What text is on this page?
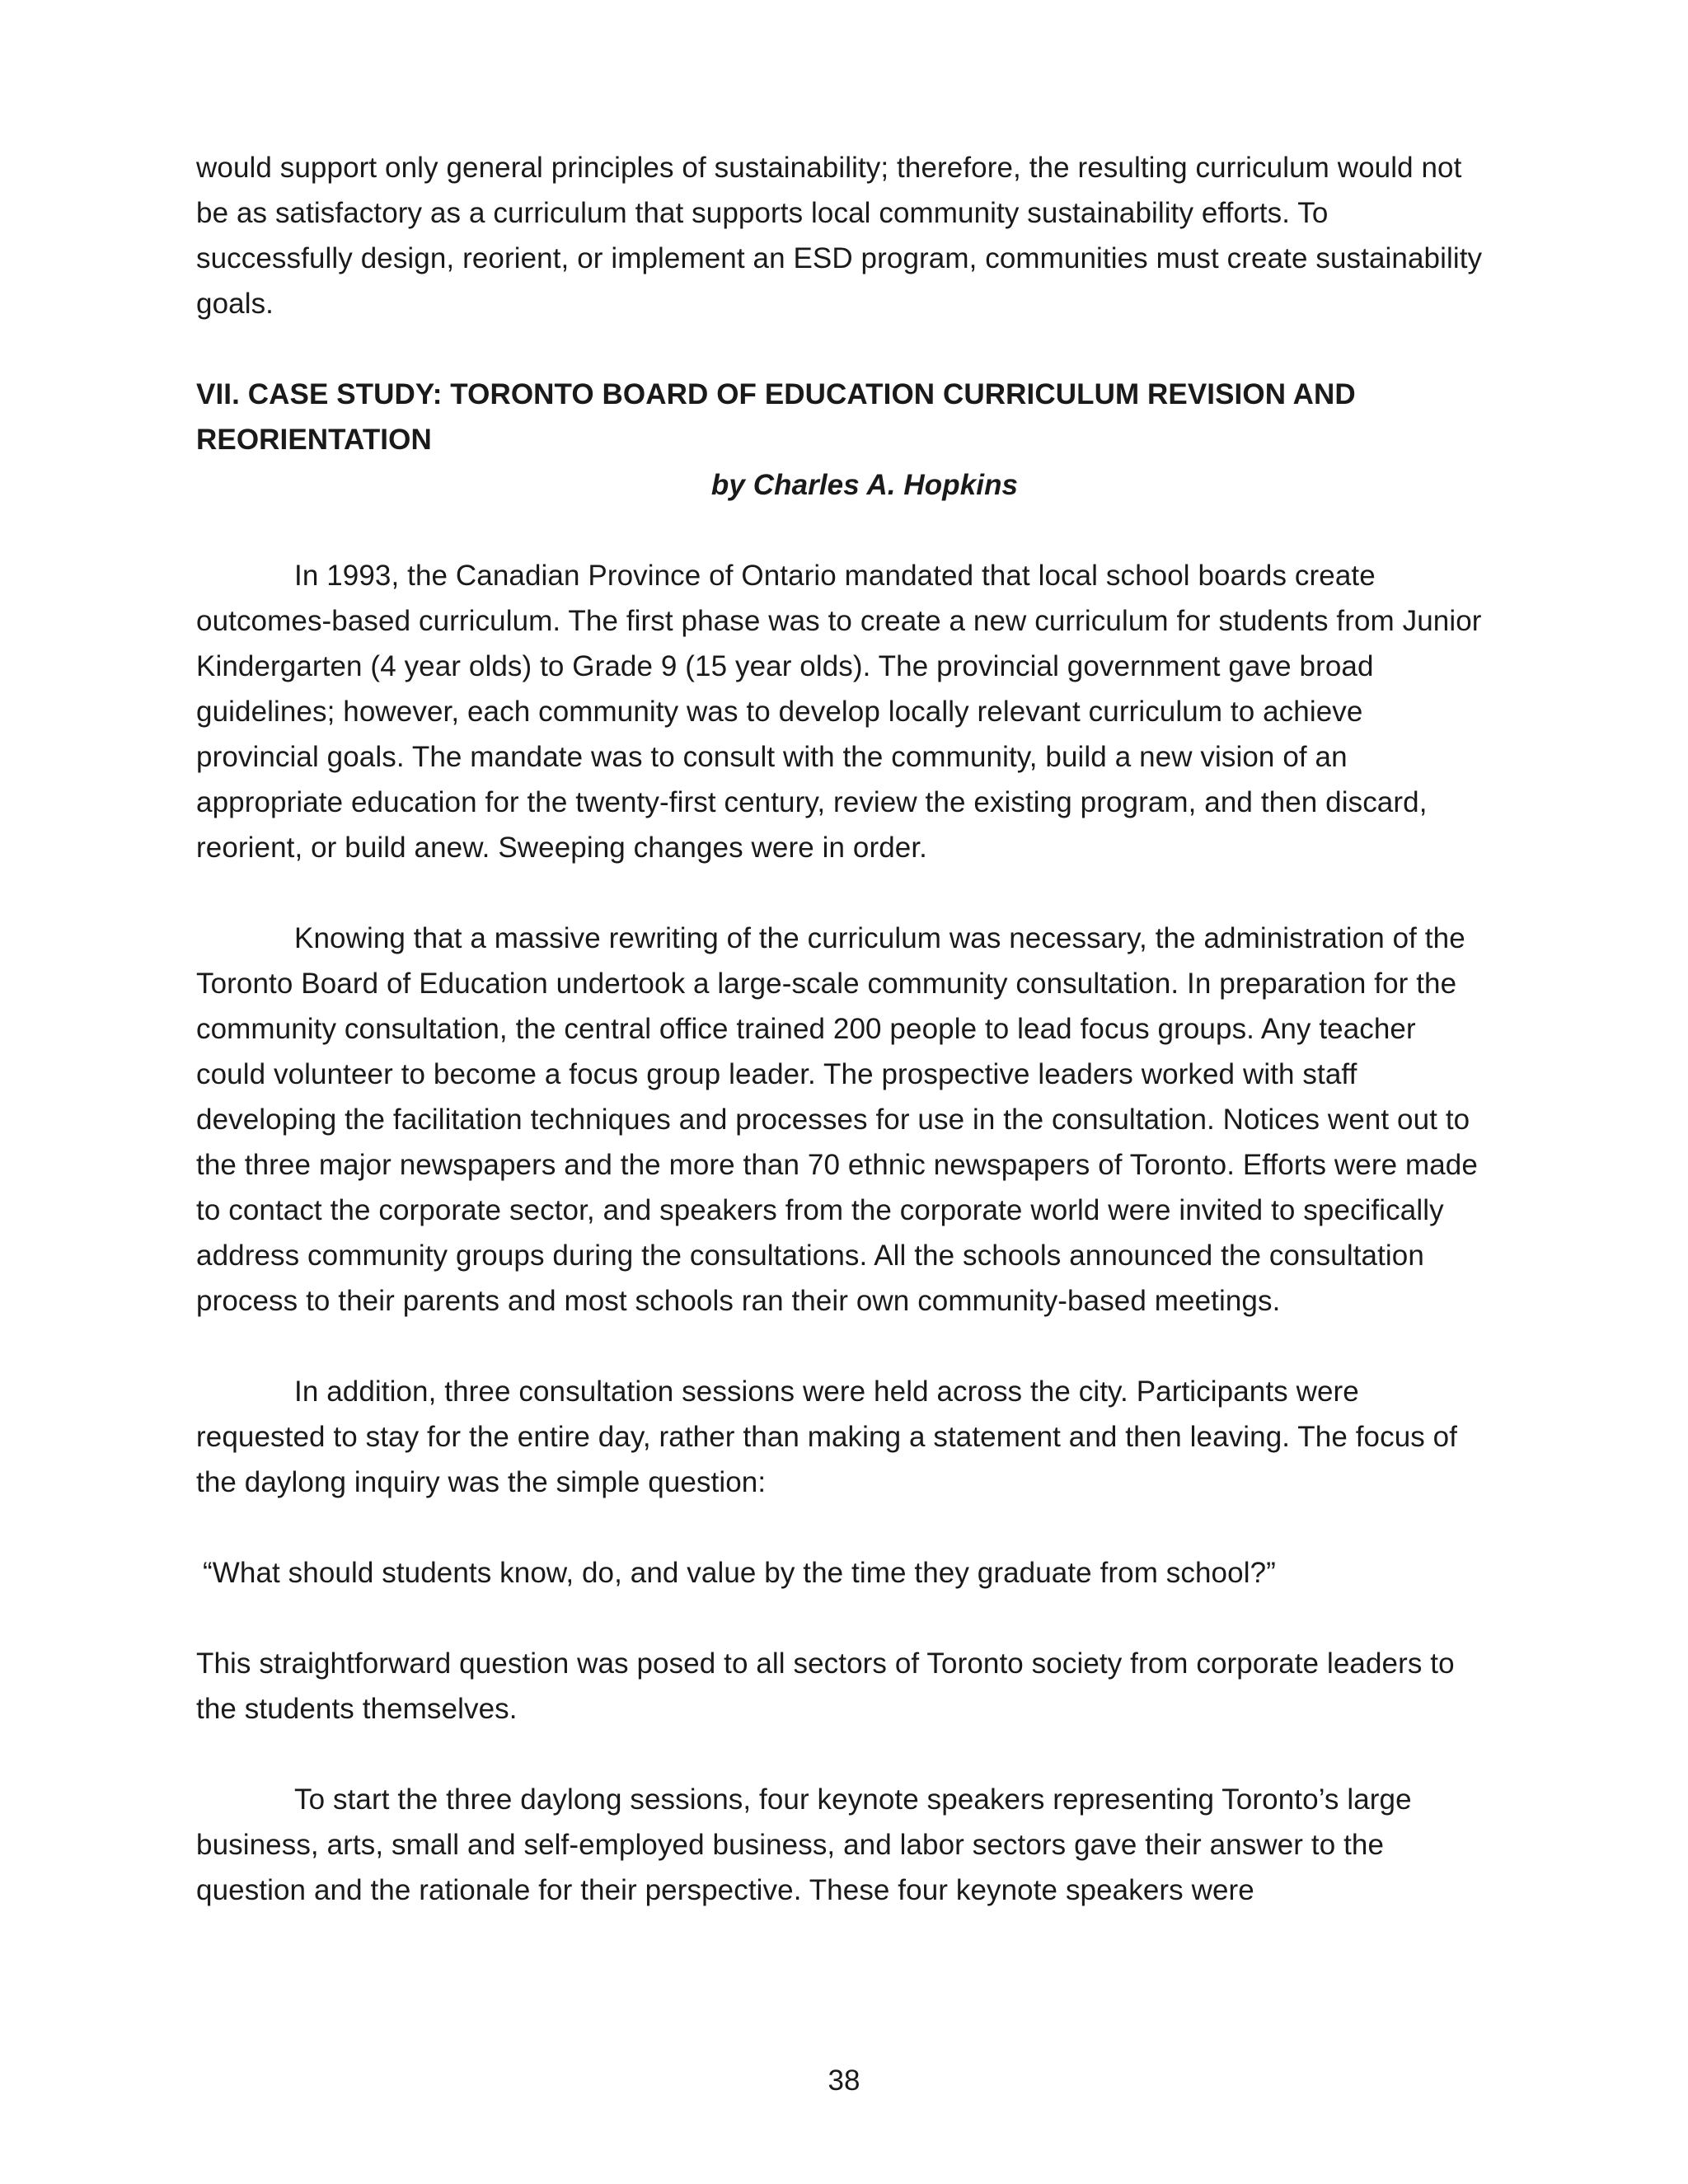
would support only general principles of sustainability; therefore, the resulting curriculum would not be as satisfactory as a curriculum that supports local community sustainability efforts. To successfully design, reorient, or implement an ESD program, communities must create sustainability goals.

VII. CASE STUDY: TORONTO BOARD OF EDUCATION CURRICULUM REVISION AND REORIENTATION
by Charles A. Hopkins

In 1993, the Canadian Province of Ontario mandated that local school boards create outcomes-based curriculum. The first phase was to create a new curriculum for students from Junior Kindergarten (4 year olds) to Grade 9 (15 year olds). The provincial government gave broad guidelines; however, each community was to develop locally relevant curriculum to achieve provincial goals. The mandate was to consult with the community, build a new vision of an appropriate education for the twenty-first century, review the existing program, and then discard, reorient, or build anew. Sweeping changes were in order.

Knowing that a massive rewriting of the curriculum was necessary, the administration of the Toronto Board of Education undertook a large-scale community consultation. In preparation for the community consultation, the central office trained 200 people to lead focus groups. Any teacher could volunteer to become a focus group leader. The prospective leaders worked with staff developing the facilitation techniques and processes for use in the consultation. Notices went out to the three major newspapers and the more than 70 ethnic newspapers of Toronto. Efforts were made to contact the corporate sector, and speakers from the corporate world were invited to specifically address community groups during the consultations. All the schools announced the consultation process to their parents and most schools ran their own community-based meetings.

In addition, three consultation sessions were held across the city. Participants were requested to stay for the entire day, rather than making a statement and then leaving. The focus of the daylong inquiry was the simple question:

“What should students know, do, and value by the time they graduate from school?”

This straightforward question was posed to all sectors of Toronto society from corporate leaders to the students themselves.

To start the three daylong sessions, four keynote speakers representing Toronto’s large business, arts, small and self-employed business, and labor sectors gave their answer to the question and the rationale for their perspective. These four keynote speakers were

38
